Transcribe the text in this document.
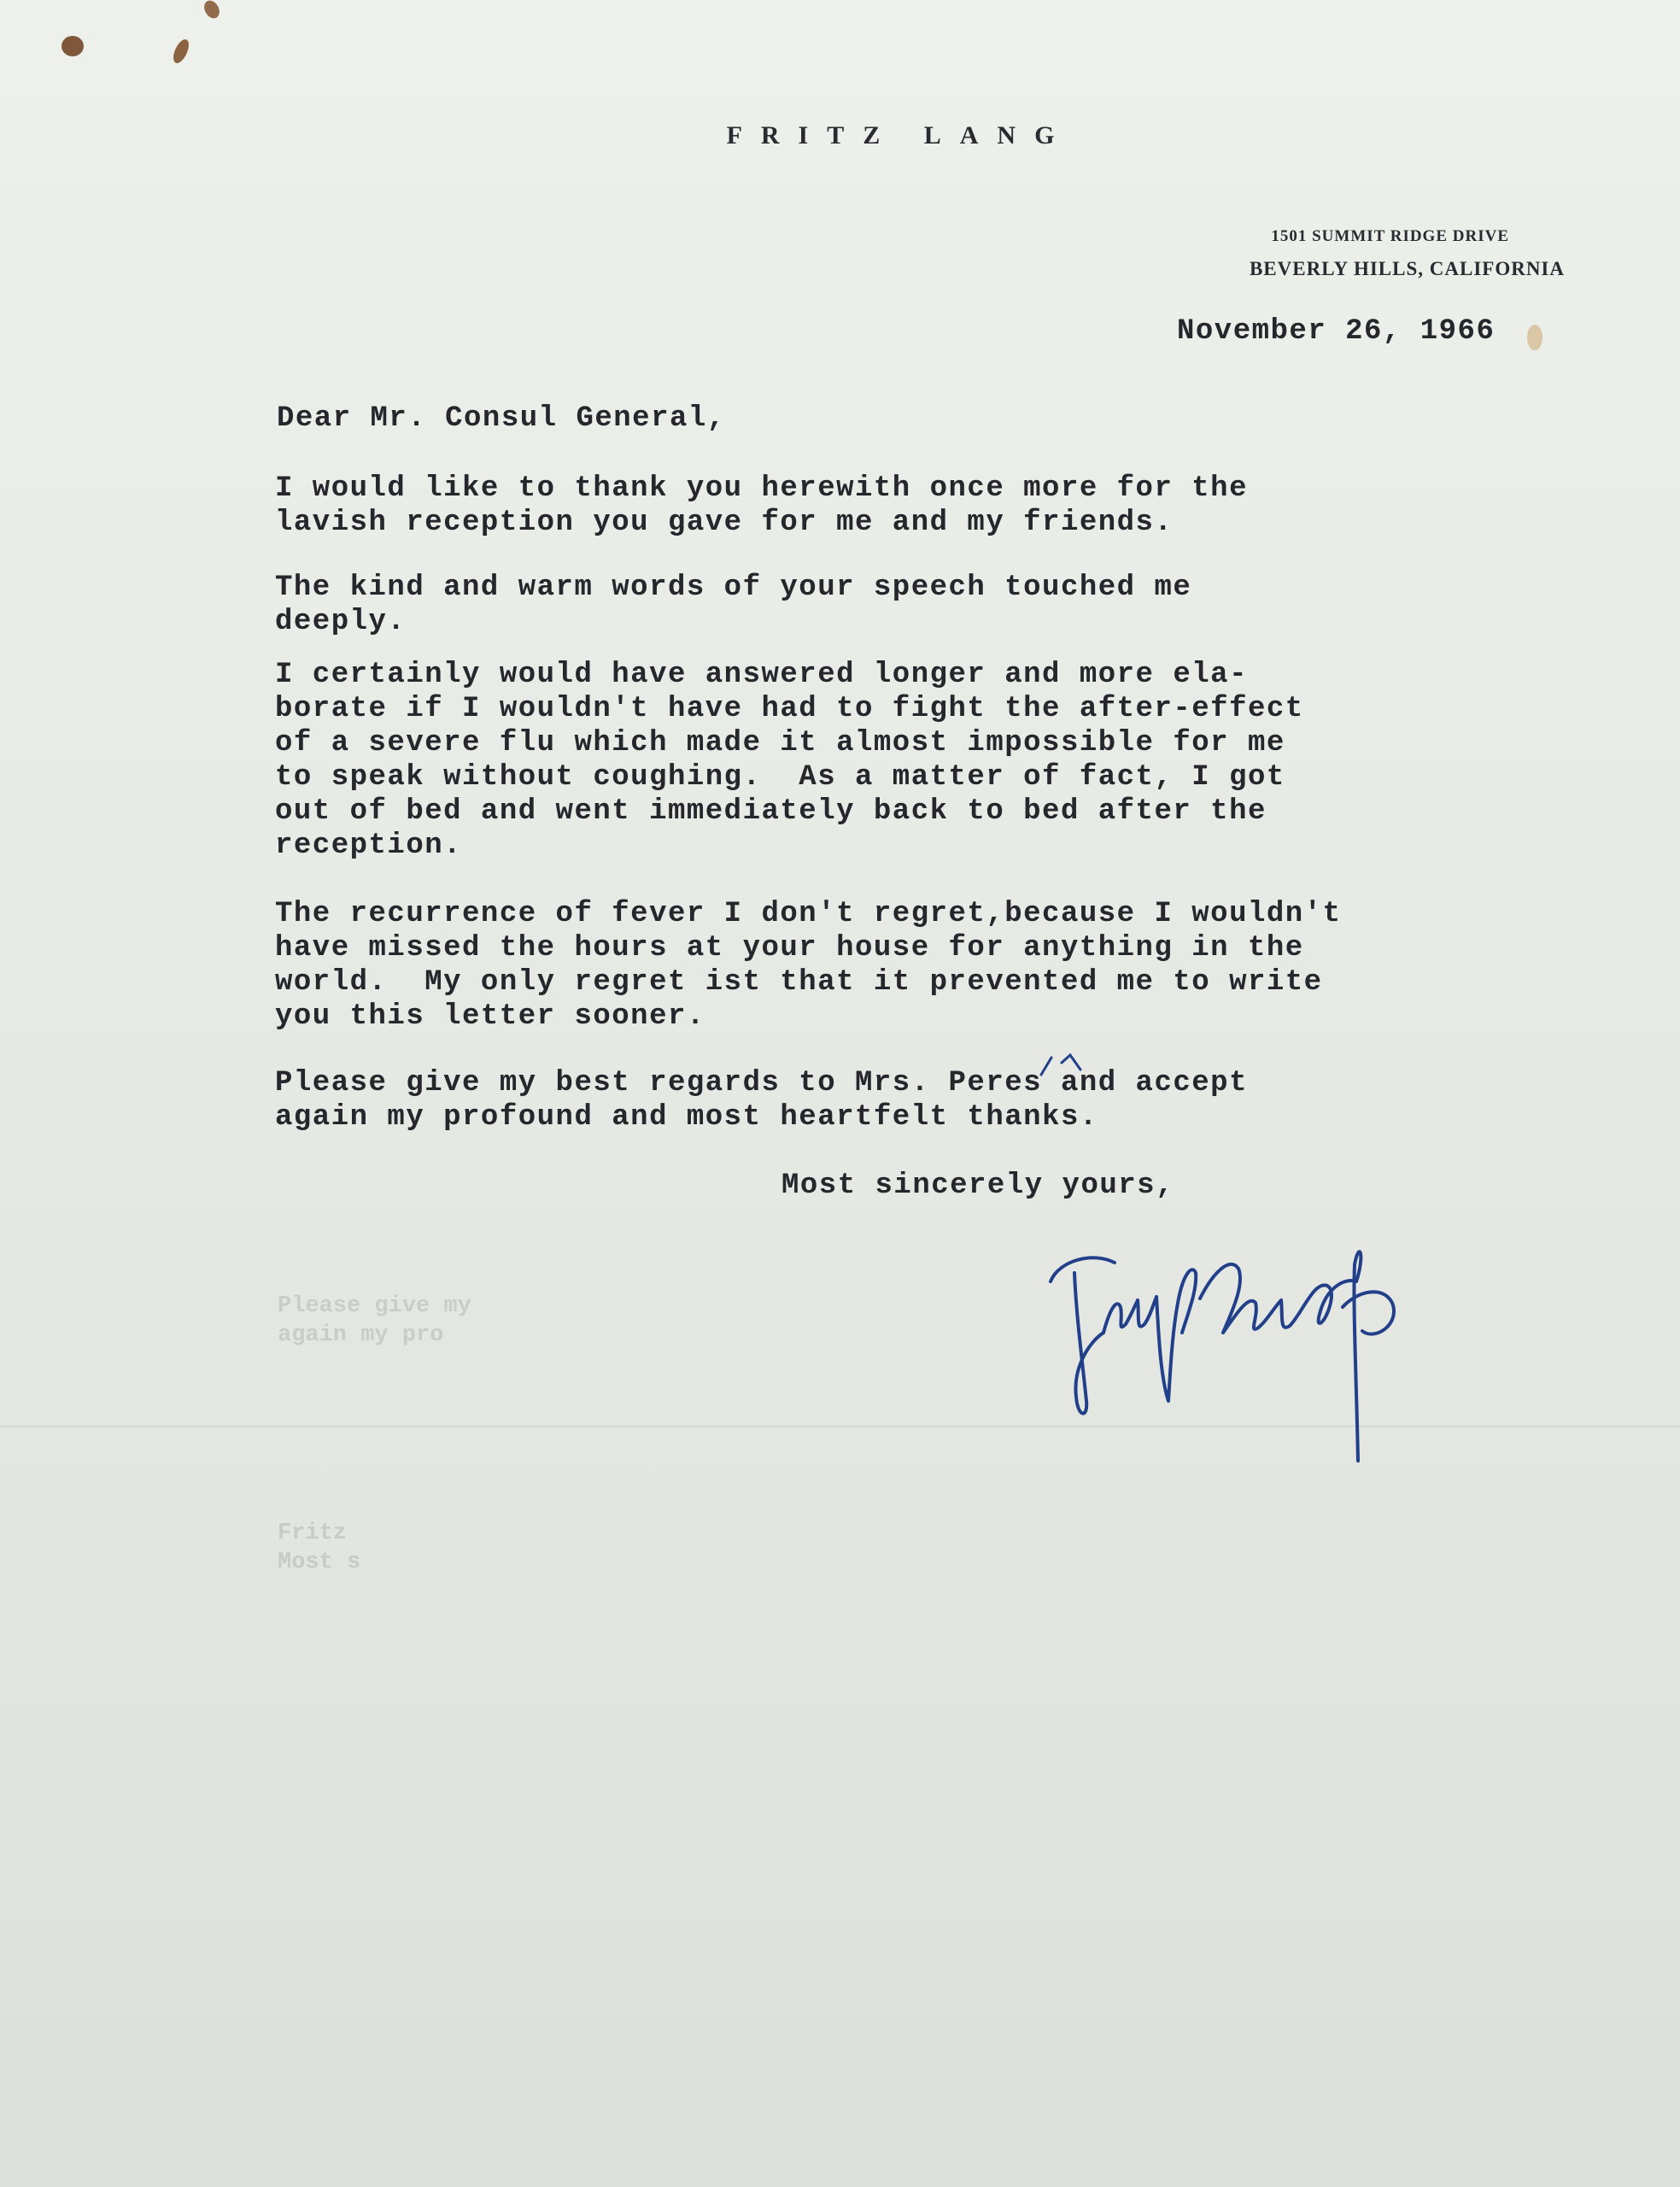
FRITZ LANG
1501 SUMMIT RIDGE DRIVE
BEVERLY HILLS, CALIFORNIA
November 26, 1966
Dear Mr. Consul General,
I would like to thank you herewith once more for the
lavish reception you gave for me and my friends.
The kind and warm words of your speech touched me
deeply.
I certainly would have answered longer and more ela-
borate if I wouldn't have had to fight the after-effect
of a severe flu which made it almost impossible for me
to speak without coughing.  As a matter of fact, I got
out of bed and went immediately back to bed after the
reception.
The recurrence of fever I don't regret,because I wouldn't
have missed the hours at your house for anything in the
world.  My only regret ist that it prevented me to write
you this letter sooner.
Please give my best regards to Mrs. Peres and accept
again my profound and most heartfelt thanks.
Most sincerely yours,
Please give my
again my pro
Fritz
Most s
